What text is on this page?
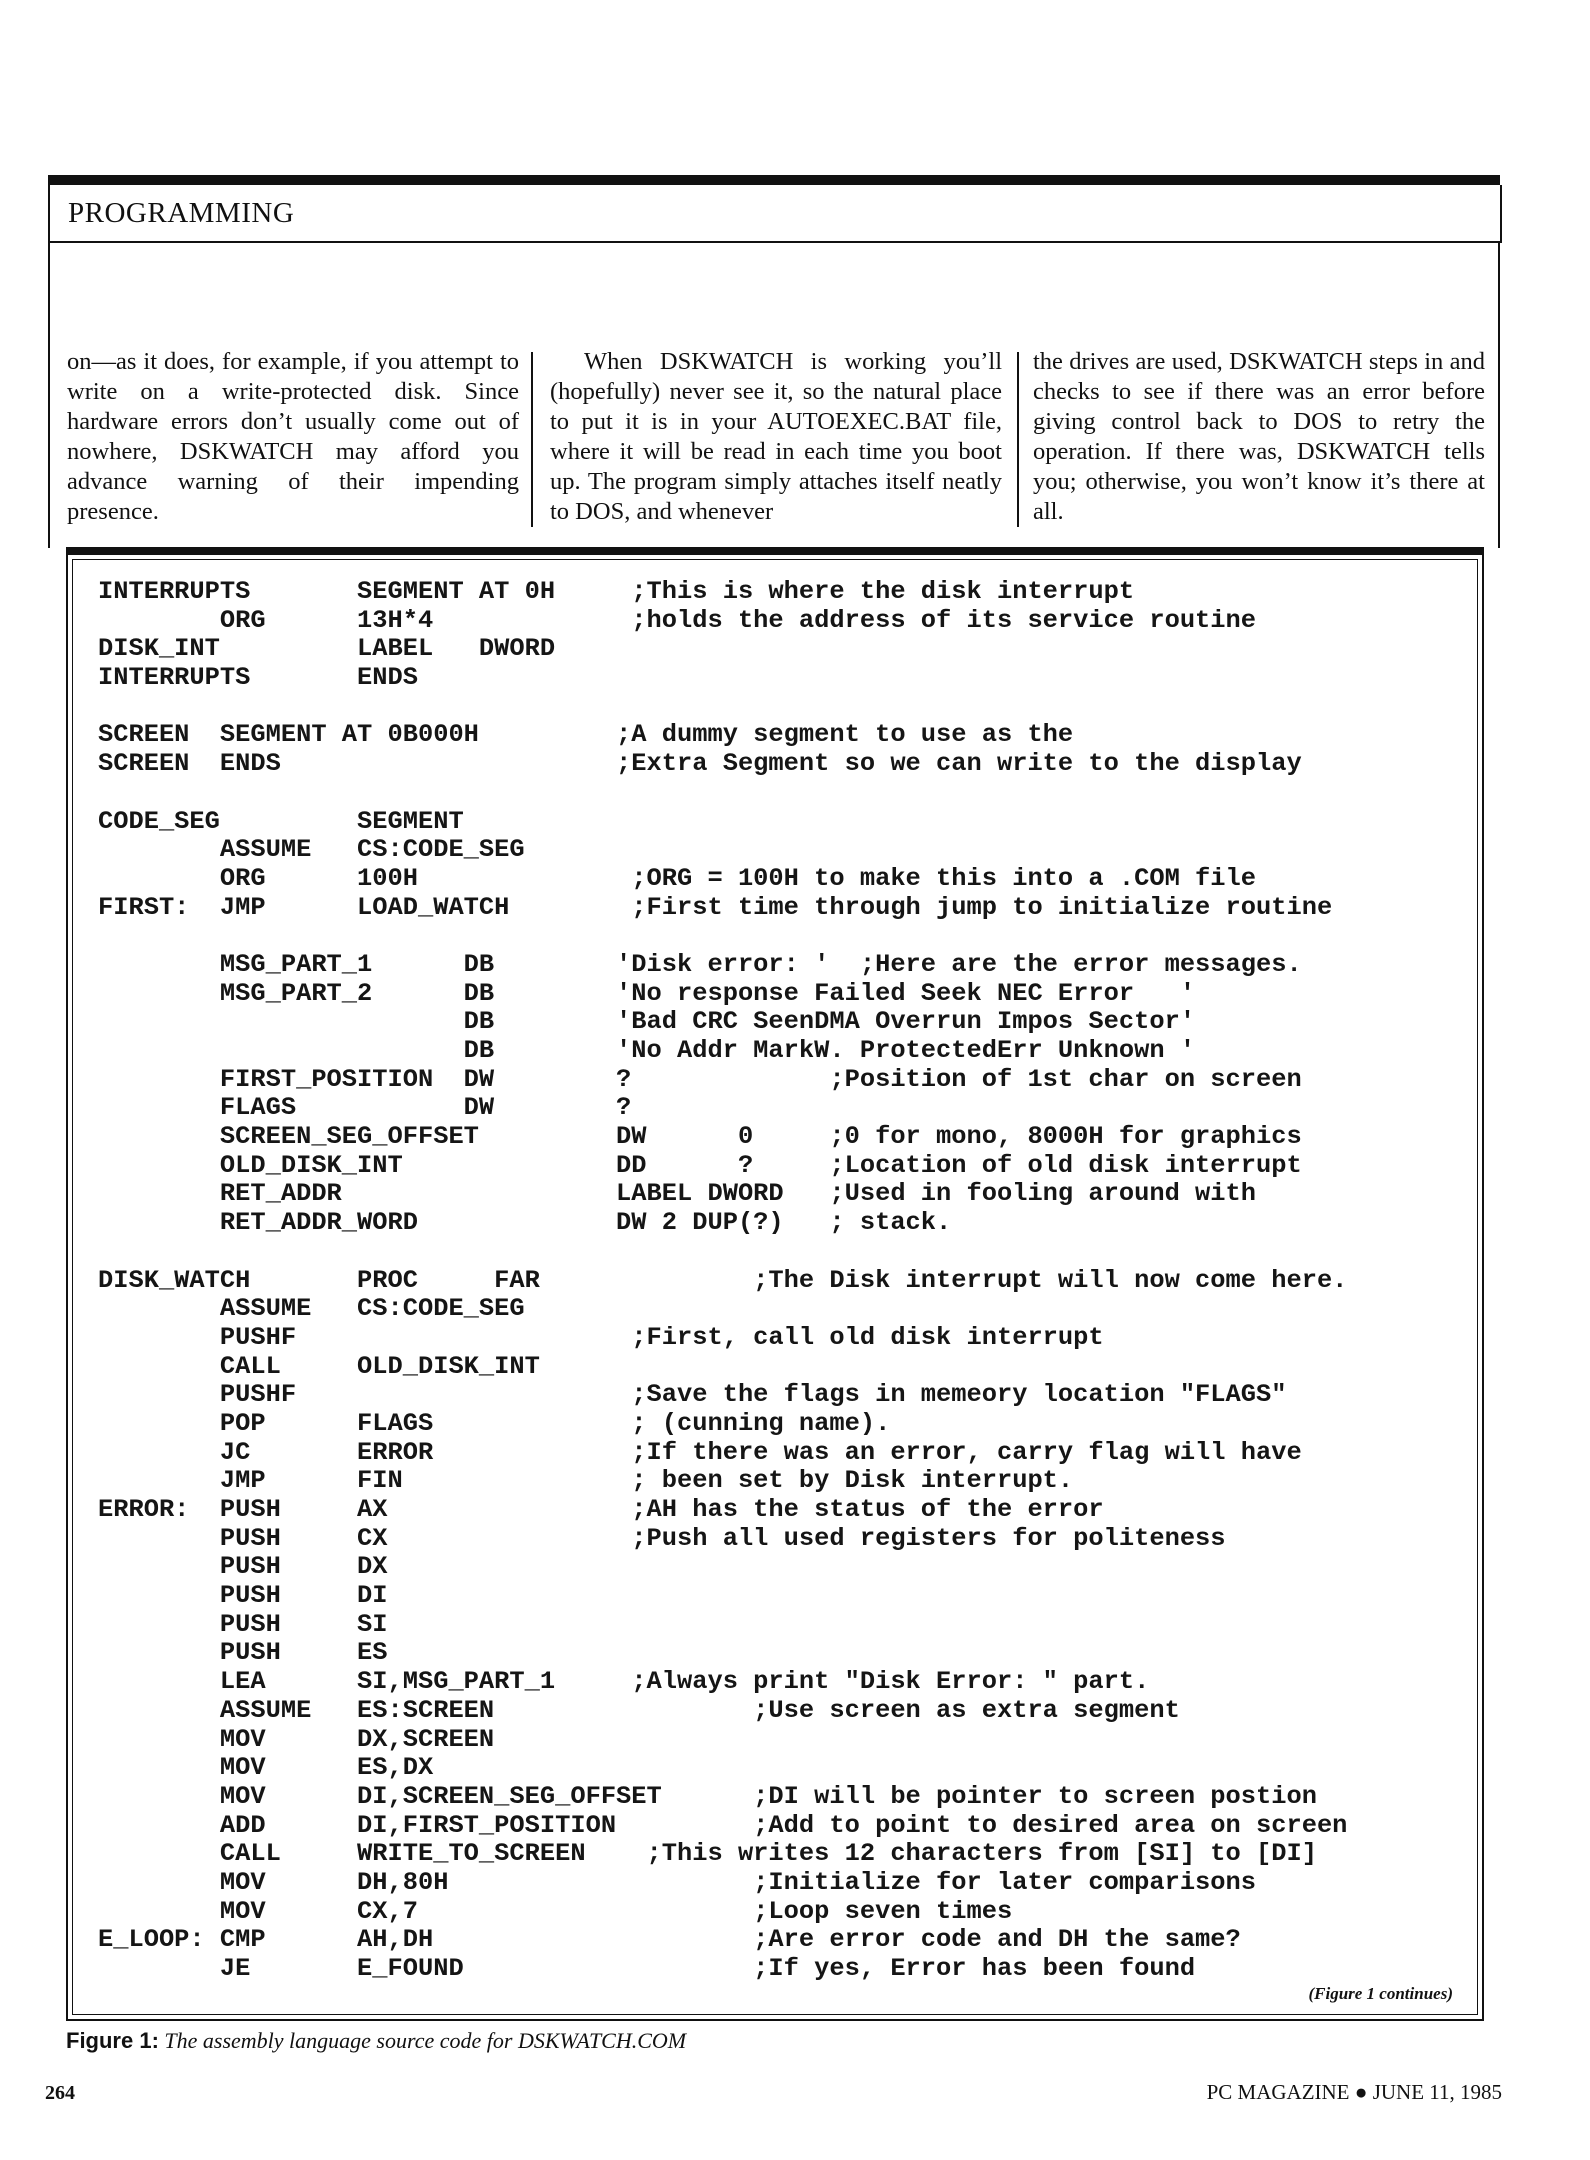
PROGRAMMING
on—as it does, for example, if you attempt to write on a write-protected disk. Since hardware errors don’t usually come out of nowhere, DSKWATCH may afford you advance warning of their impending presence.
When DSKWATCH is working you’ll (hopefully) never see it, so the natural place to put it is in your AUTOEXEC.BAT file, where it will be read in each time you boot up. The program simply attaches itself neatly to DOS, and whenever
the drives are used, DSKWATCH steps in and checks to see if there was an error before giving control back to DOS to retry the operation. If there was, DSKWATCH tells you; otherwise, you won’t know it’s there at all.
INTERRUPTS       SEGMENT AT 0H     ;This is where the disk interrupt
ORG      13H*4             ;holds the address of its service routine
DISK_INT         LABEL   DWORD
INTERRUPTS       ENDS
SCREEN  SEGMENT AT 0B000H         ;A dummy segment to use as the
SCREEN  ENDS                      ;Extra Segment so we can write to the display
CODE_SEG         SEGMENT
ASSUME   CS:CODE_SEG
ORG      100H              ;ORG = 100H to make this into a .COM file
FIRST:  JMP      LOAD_WATCH        ;First time through jump to initialize routine
MSG_PART_1      DB        'Disk error: '  ;Here are the error messages.
MSG_PART_2      DB        'No response Failed Seek NEC Error   '
DB        'Bad CRC SeenDMA Overrun Impos Sector'
DB        'No Addr MarkW. ProtectedErr Unknown '
FIRST_POSITION  DW        ?             ;Position of 1st char on screen
FLAGS           DW        ?
SCREEN_SEG_OFFSET         DW      0     ;0 for mono, 8000H for graphics
OLD_DISK_INT              DD      ?     ;Location of old disk interrupt
RET_ADDR                  LABEL DWORD   ;Used in fooling around with
RET_ADDR_WORD             DW 2 DUP(?)   ; stack.
DISK_WATCH       PROC     FAR              ;The Disk interrupt will now come here.
ASSUME   CS:CODE_SEG
PUSHF                      ;First, call old disk interrupt
CALL     OLD_DISK_INT
PUSHF                      ;Save the flags in memeory location "FLAGS"
POP      FLAGS             ; (cunning name).
JC       ERROR             ;If there was an error, carry flag will have
JMP      FIN               ; been set by Disk interrupt.
ERROR:  PUSH     AX                ;AH has the status of the error
PUSH     CX                ;Push all used registers for politeness
PUSH     DX
PUSH     DI
PUSH     SI
PUSH     ES
LEA      SI,MSG_PART_1     ;Always print "Disk Error: " part.
ASSUME   ES:SCREEN                 ;Use screen as extra segment
MOV      DX,SCREEN
MOV      ES,DX
MOV      DI,SCREEN_SEG_OFFSET      ;DI will be pointer to screen postion
ADD      DI,FIRST_POSITION         ;Add to point to desired area on screen
CALL     WRITE_TO_SCREEN    ;This writes 12 characters from [SI] to [DI]
MOV      DH,80H                    ;Initialize for later comparisons
MOV      CX,7                      ;Loop seven times
E_LOOP: CMP      AH,DH                     ;Are error code and DH the same?
JE       E_FOUND                   ;If yes, Error has been found
(Figure 1 continues)
Figure 1: The assembly language source code for DSKWATCH.COM
264	PC MAGAZINE ● JUNE 11, 1985
